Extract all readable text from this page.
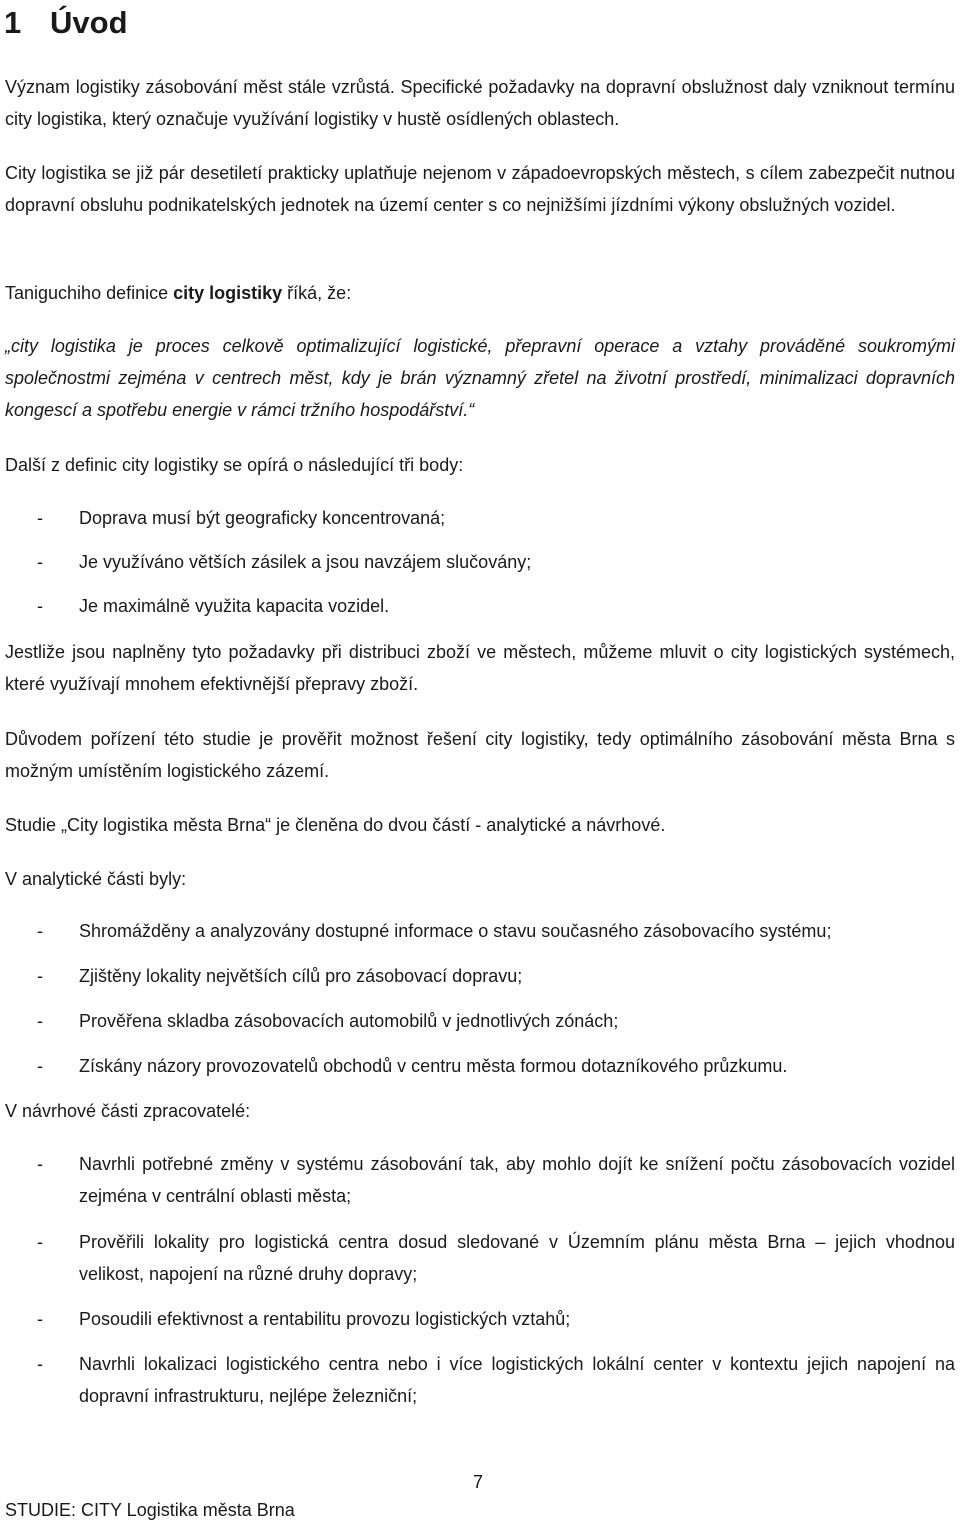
1 Úvod

Význam logistiky zásobování měst stále vzrůstá. Specifické požadavky na dopravní obslužnost daly vzniknout termínu city logistika, který označuje využívání logistiky v hustě osídlených oblastech.

City logistika se již pár desetiletí prakticky uplatňuje nejenom v západoevropských městech, s cílem zabezpečit nutnou dopravní obsluhu podnikatelských jednotek na území center s co nejnižšími jízdními výkony obslužných vozidel.

Taniguchiho definice city logistiky říká, že:

„city logistika je proces celkově optimalizující logistické, přepravní operace a vztahy prováděné soukromými společnostmi zejména v centrech měst, kdy je brán významný zřetel na životní prostředí, minimalizaci dopravních kongescí a spotřebu energie v rámci tržního hospodářství.“

Další z definic city logistiky se opírá o následující tři body:

- Doprava musí být geograficky koncentrovaná;
- Je využíváno větších zásilek a jsou navzájem slučovány;
- Je maximálně využita kapacita vozidel.

Jestliže jsou naplněny tyto požadavky při distribuci zboží ve městech, můžeme mluvit o city logistických systémech, které využívají mnohem efektivnější přepravy zboží.

Důvodem pořízení této studie je prověřit možnost řešení city logistiky, tedy optimálního zásobování města Brna s možným umístěním logistického zázemí.

Studie „City logistika města Brna“ je členěna do dvou částí - analytické a návrhové.

V analytické části byly:

- Shromážděny a analyzovány dostupné informace o stavu současného zásobovacího systému;
- Zjištěny lokality největších cílů pro zásobovací dopravu;
- Prověřena skladba zásobovacích automobilů v jednotlivých zónách;
- Získány názory provozovatelů obchodů v centru města formou dotazníkového průzkumu.

V návrhové části zpracovatelé:

- Navrhli potřebné změny v systému zásobování tak, aby mohlo dojít ke snížení počtu zásobovacích vozidel zejména v centrální oblasti města;
- Prověřili lokality pro logistická centra dosud sledované v Územním plánu města Brna – jejich vhodnou velikost, napojení na různé druhy dopravy;
- Posoudili efektivnost a rentabilitu provozu logistických vztahů;
- Navrhli lokalizaci logistického centra nebo i více logistických lokální center v kontextu jejich napojení na dopravní infrastrukturu, nejlépe železniční;
7
STUDIE: CITY Logistika města Brna
